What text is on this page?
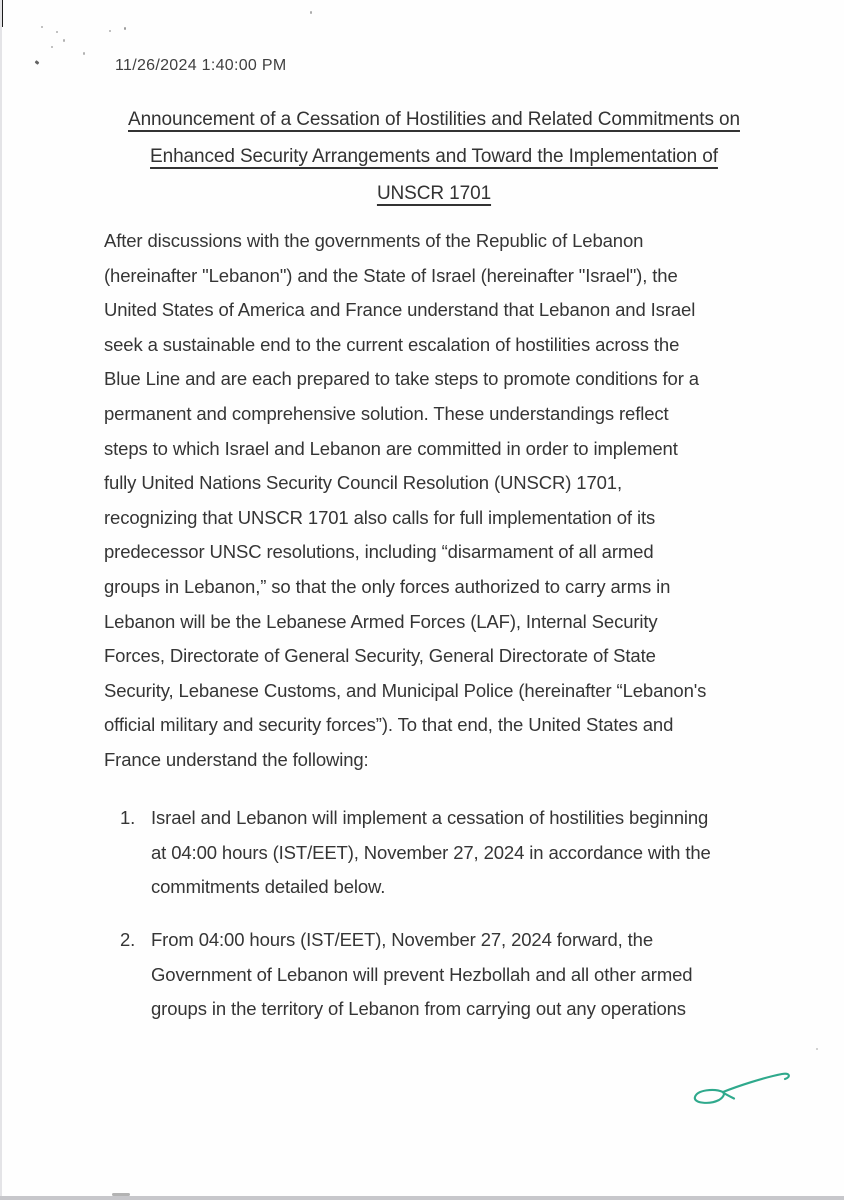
11/26/2024 1:40:00 PM
Announcement of a Cessation of Hostilities and Related Commitments on
Enhanced Security Arrangements and Toward the Implementation of
UNSCR 1701
After discussions with the governments of the Republic of Lebanon
(hereinafter "Lebanon") and the State of Israel (hereinafter "Israel"), the
United States of America and France understand that Lebanon and Israel
seek a sustainable end to the current escalation of hostilities across the
Blue Line and are each prepared to take steps to promote conditions for a
permanent and comprehensive solution. These understandings reflect
steps to which Israel and Lebanon are committed in order to implement
fully United Nations Security Council Resolution (UNSCR) 1701,
recognizing that UNSCR 1701 also calls for full implementation of its
predecessor UNSC resolutions, including “disarmament of all armed
groups in Lebanon,” so that the only forces authorized to carry arms in
Lebanon will be the Lebanese Armed Forces (LAF), Internal Security
Forces, Directorate of General Security, General Directorate of State
Security, Lebanese Customs, and Municipal Police (hereinafter “Lebanon's
official military and security forces”). To that end, the United States and
France understand the following:
1. Israel and Lebanon will implement a cessation of hostilities beginning
at 04:00 hours (IST/EET), November 27, 2024 in accordance with the
commitments detailed below.
2. From 04:00 hours (IST/EET), November 27, 2024 forward, the
Government of Lebanon will prevent Hezbollah and all other armed
groups in the territory of Lebanon from carrying out any operations
